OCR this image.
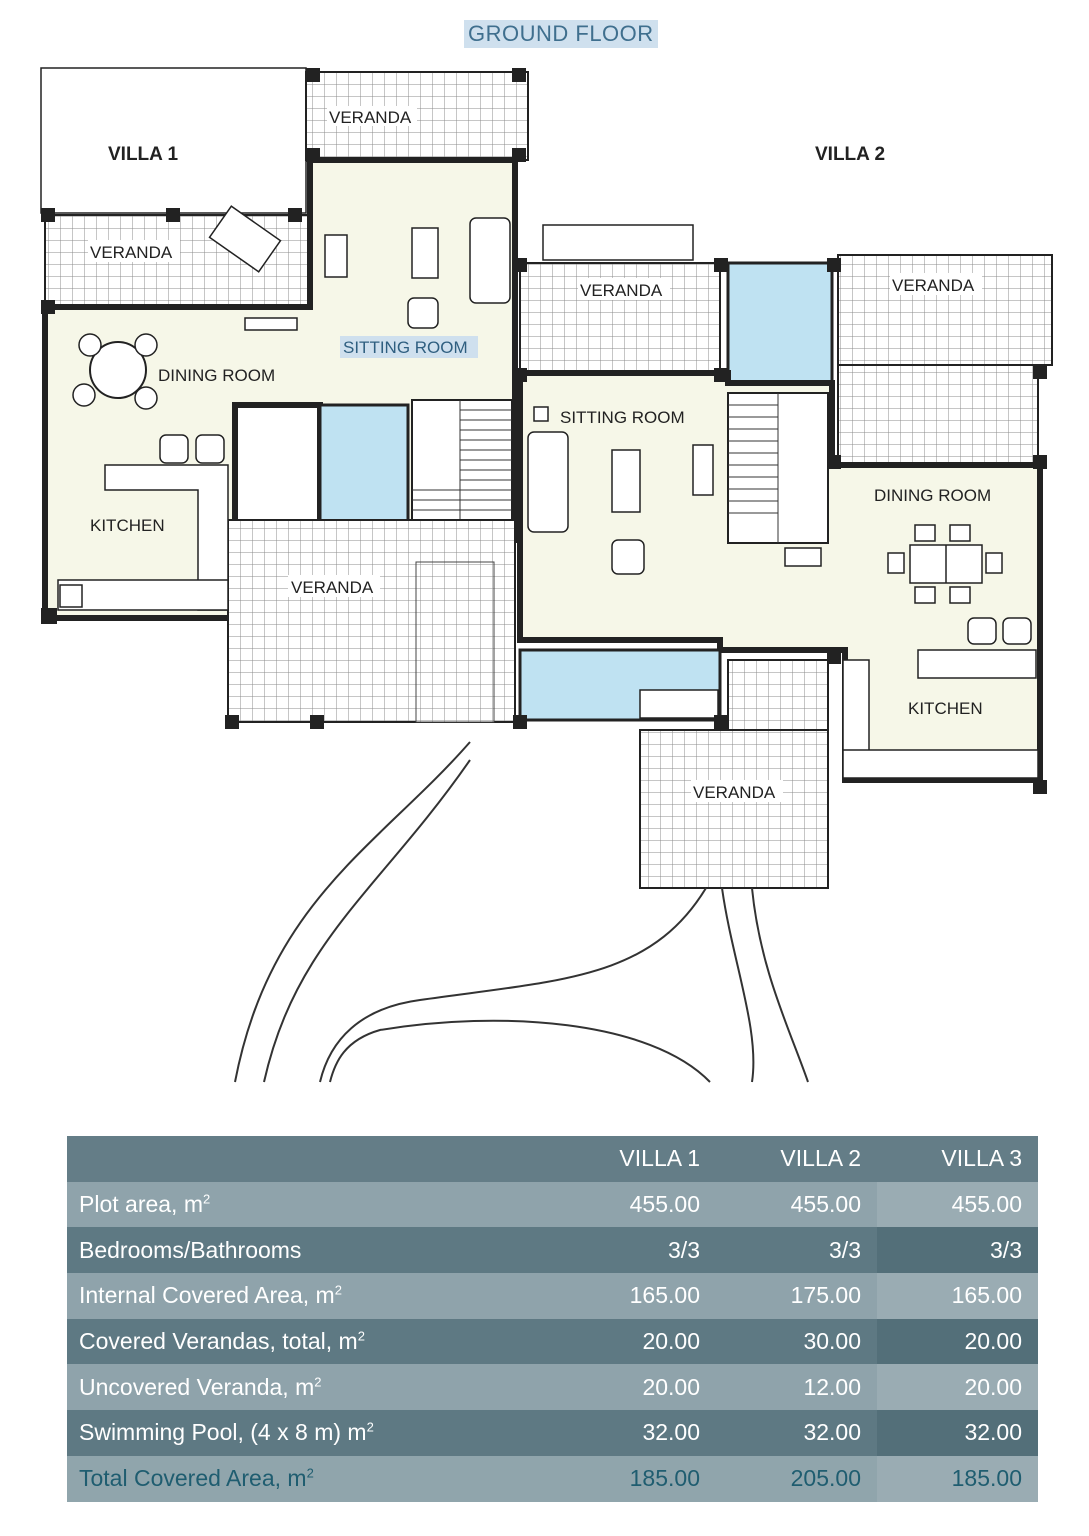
GROUND FLOOR
VILLA 1	VILLA 2
VERANDA
VERANDA
SITTING ROOM
DINING ROOM
KITCHEN
VERANDA
VERANDA	VERANDA
SITTING ROOM
DINING ROOM
KITCHEN
VERANDA
	VILLA 1	VILLA 2	VILLA 3
Plot area, $m^2$	455.00	455.00	455.00
Bedrooms/Bathrooms	3/3	3/3	3/3
Internal Covered Area, $m^2$	165.00	175.00	165.00
Covered Verandas, total, $m^2$	20.00	30.00	20.00
Uncovered Veranda, $m^2$	20.00	12.00	20.00
Swimming Pool, (4 x 8 m) $m^2$	32.00	32.00	32.00
Total Covered Area, $m^2$	185.00	205.00	185.00
